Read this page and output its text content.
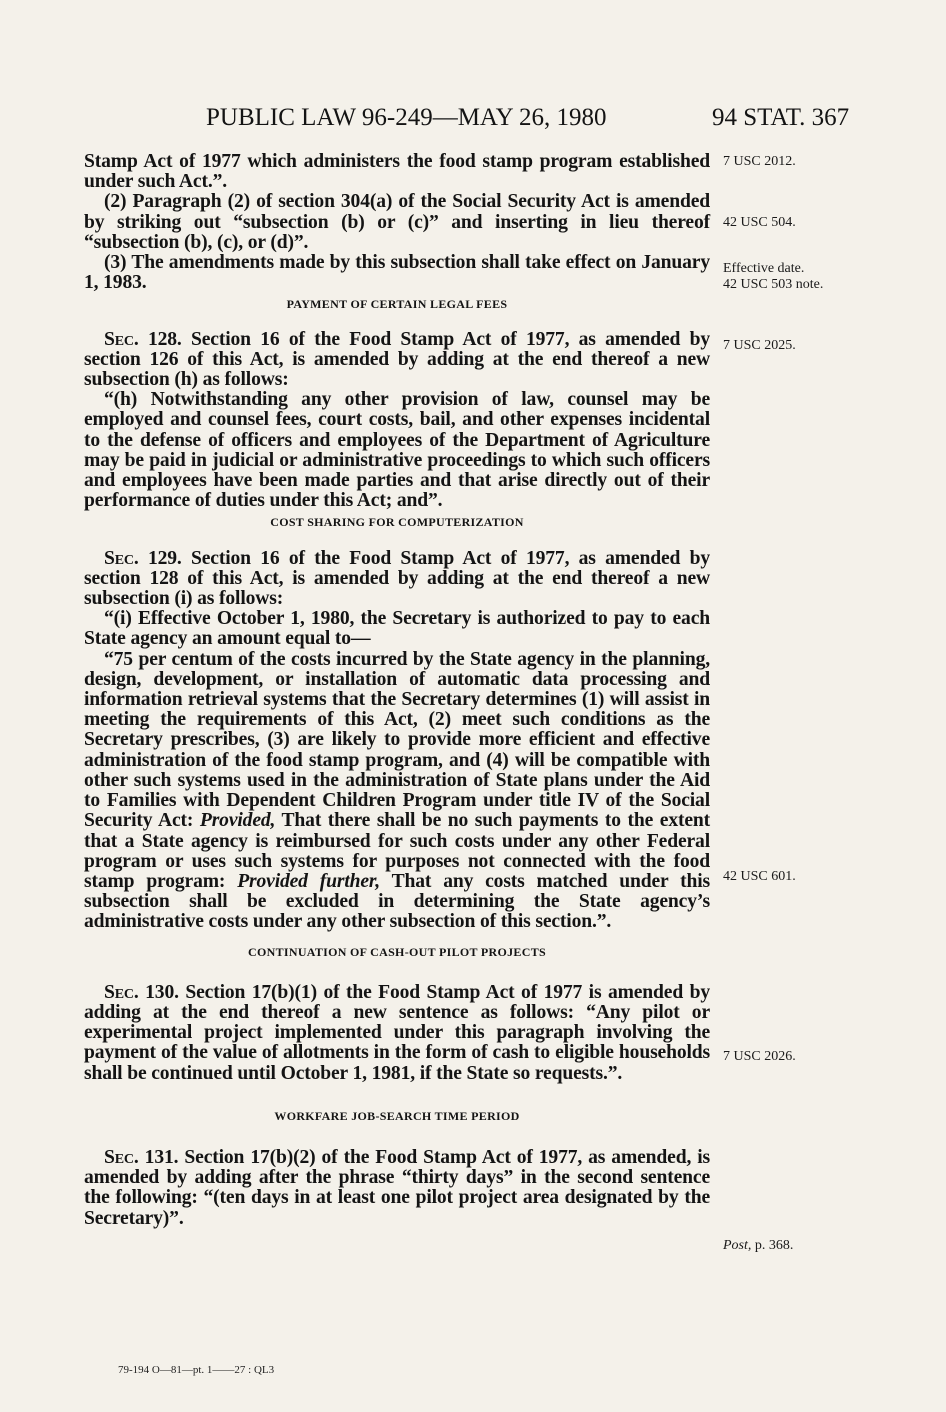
PUBLIC LAW 96-249—MAY 26, 1980	94 STAT. 367

Stamp Act of 1977 which administers the food stamp program established under such Act.”.

(2) Paragraph (2) of section 304(a) of the Social Security Act is amended by striking out “subsection (b) or (c)” and inserting in lieu thereof “subsection (b), (c), or (d)”.

(3) The amendments made by this subsection shall take effect on January 1, 1983.

PAYMENT OF CERTAIN LEGAL FEES

Sec. 128. Section 16 of the Food Stamp Act of 1977, as amended by section 126 of this Act, is amended by adding at the end thereof a new subsection (h) as follows:

“(h) Notwithstanding any other provision of law, counsel may be employed and counsel fees, court costs, bail, and other expenses incidental to the defense of officers and employees of the Department of Agriculture may be paid in judicial or administrative proceedings to which such officers and employees have been made parties and that arise directly out of their performance of duties under this Act; and”.

COST SHARING FOR COMPUTERIZATION

Sec. 129. Section 16 of the Food Stamp Act of 1977, as amended by section 128 of this Act, is amended by adding at the end thereof a new subsection (i) as follows:

“(i) Effective October 1, 1980, the Secretary is authorized to pay to each State agency an amount equal to—

“75 per centum of the costs incurred by the State agency in the planning, design, development, or installation of automatic data processing and information retrieval systems that the Secretary determines (1) will assist in meeting the requirements of this Act, (2) meet such conditions as the Secretary prescribes, (3) are likely to provide more efficient and effective administration of the food stamp program, and (4) will be compatible with other such systems used in the administration of State plans under the Aid to Families with Dependent Children Program under title IV of the Social Security Act: Provided, That there shall be no such payments to the extent that a State agency is reimbursed for such costs under any other Federal program or uses such systems for purposes not connected with the food stamp program: Provided further, That any costs matched under this subsection shall be excluded in determining the State agency’s administrative costs under any other subsection of this section.”.

CONTINUATION OF CASH-OUT PILOT PROJECTS

Sec. 130. Section 17(b)(1) of the Food Stamp Act of 1977 is amended by adding at the end thereof a new sentence as follows: “Any pilot or experimental project implemented under this paragraph involving the payment of the value of allotments in the form of cash to eligible households shall be continued until October 1, 1981, if the State so requests.”.

WORKFARE JOB-SEARCH TIME PERIOD

Sec. 131. Section 17(b)(2) of the Food Stamp Act of 1977, as amended, is amended by adding after the phrase “thirty days” in the second sentence the following: “(ten days in at least one pilot project area designated by the Secretary)”.

7 USC 2012.
42 USC 504.
Effective date.
42 USC 503 note.
7 USC 2025.
42 USC 601.
7 USC 2026.
Post, p. 368.
79-194 O—81—pt. 1——27 : QL3
